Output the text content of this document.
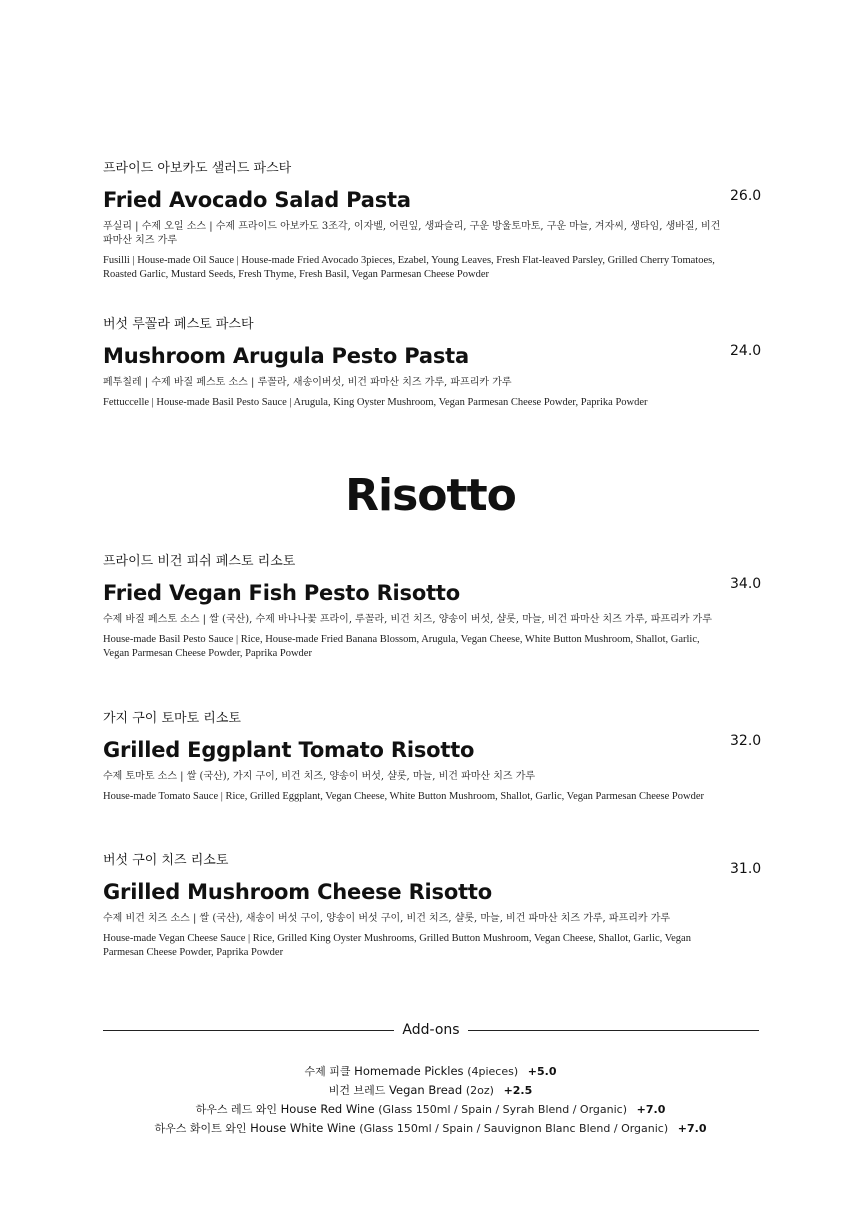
프라이드 아보카도 샐러드 파스타

Fried Avocado Salad Pasta

푸실리 | 수제 오일 소스 | 수제 프라이드 아보카도 3조각, 이자벨, 어린잎, 생파슬리, 구운 방울토마토, 구운 마늘, 겨자씨, 생타임, 생바질, 비건 파마산 치즈 가루

Fusilli | House-made Oil Sauce | House-made Fried Avocado 3pieces, Ezabel, Young Leaves, Fresh Flat-leaved Parsley, Grilled Cherry Tomatoes, Roasted Garlic, Mustard Seeds, Fresh Thyme, Fresh Basil, Vegan Parmesan Cheese Powder

26.0

버섯 루꼴라 페스토 파스타

Mushroom Arugula Pesto Pasta

페투칠레 | 수제 바질 페스토 소스 | 루꼴라, 새송이버섯, 비건 파마산 치즈 가루, 파프리카 가루

Fettuccelle | House-made Basil Pesto Sauce | Arugula, King Oyster Mushroom, Vegan Parmesan Cheese Powder, Paprika Powder

24.0
Risotto

프라이드 비건 피쉬 페스토 리소토

Fried Vegan Fish Pesto Risotto

수제 바질 페스토 소스 | 쌀 (국산), 수제 바나나꽃 프라이, 루꼴라, 비건 치즈, 양송이 버섯, 샬롯, 마늘, 비건 파마산 치즈 가루, 파프리카 가루

House-made Basil Pesto Sauce | Rice, House-made Fried Banana Blossom, Arugula, Vegan Cheese, White Button Mushroom, Shallot, Garlic, Vegan Parmesan Cheese Powder, Paprika Powder

34.0

가지 구이 토마토 리소토

Grilled Eggplant Tomato Risotto

수제 토마토 소스 | 쌀 (국산), 가지 구이, 비건 치즈, 양송이 버섯, 샬롯, 마늘, 비건 파마산 치즈 가루

House-made Tomato Sauce | Rice, Grilled Eggplant, Vegan Cheese, White Button Mushroom, Shallot, Garlic, Vegan Parmesan Cheese Powder

32.0

버섯 구이 치즈 리소토

Grilled Mushroom Cheese Risotto

수제 비건 치즈 소스 | 쌀 (국산), 새송이 버섯 구이, 양송이 버섯 구이, 비건 치즈, 샬롯, 마늘, 비건 파마산 치즈 가루, 파프리카 가루

House-made Vegan Cheese Sauce | Rice, Grilled King Oyster Mushrooms, Grilled Button Mushroom, Vegan Cheese, Shallot, Garlic, Vegan Parmesan Cheese Powder, Paprika Powder

31.0
Add-ons
수제 피클 Homemade Pickles (4pieces) +5.0
비건 브레드 Vegan Bread (2oz) +2.5
하우스 레드 와인 House Red Wine (Glass 150ml / Spain / Syrah Blend / Organic) +7.0
하우스 화이트 와인 House White Wine (Glass 150ml / Spain / Sauvignon Blanc Blend / Organic) +7.0
